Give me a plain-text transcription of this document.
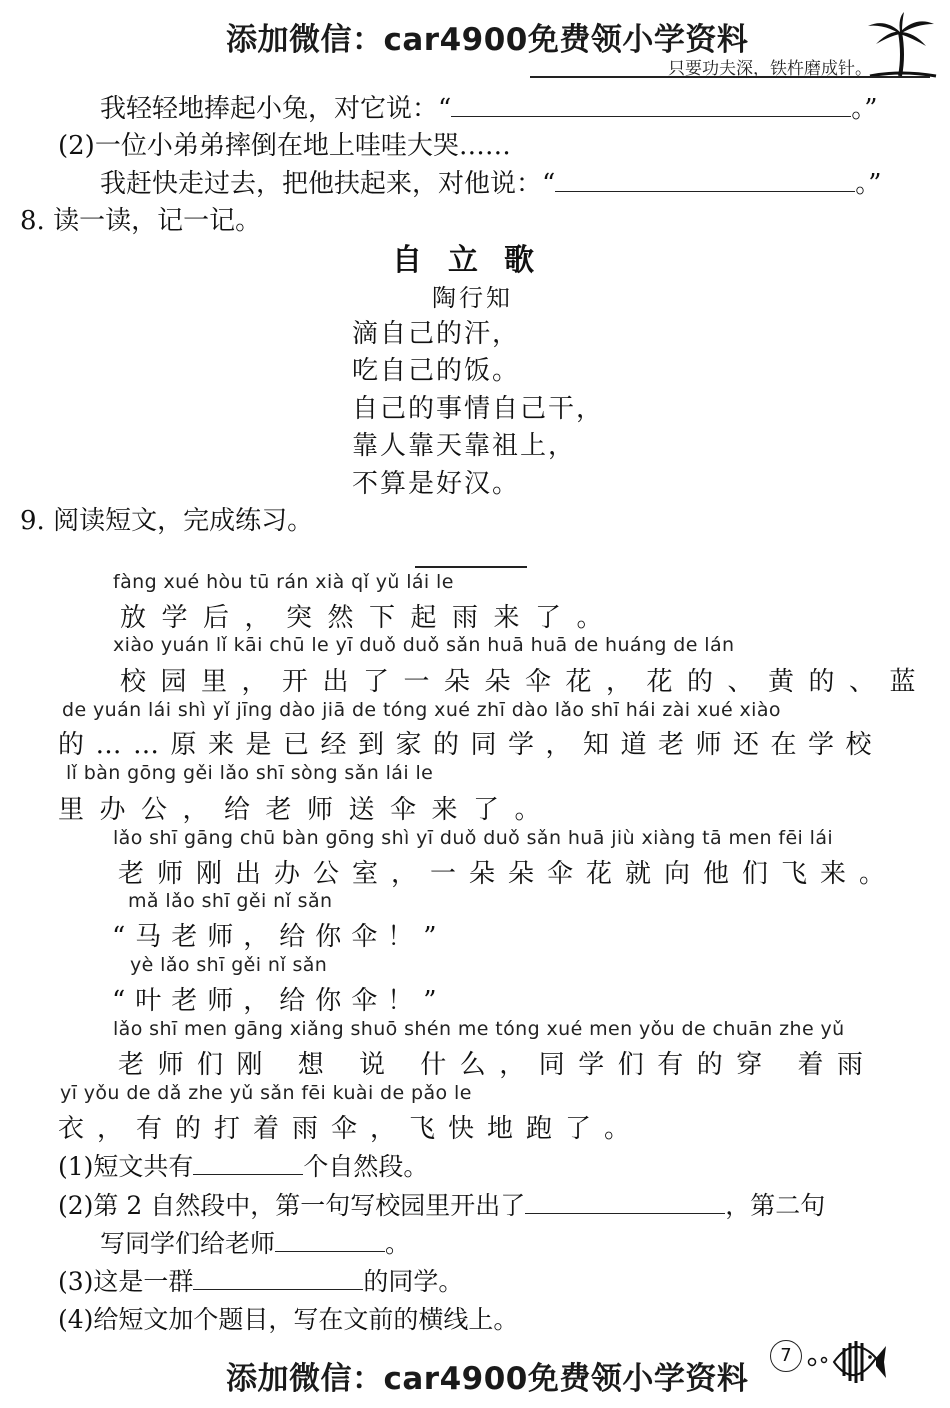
添加微信：car4900免费领小学资料
只要功夫深，铁杵磨成针。
我轻轻地捧起小兔，对它说：“	。”
(2)一位小弟弟摔倒在地上哇哇大哭……
我赶快走过去，把他扶起来，对他说：“	。”
8. 读一读，记一记。
自立歌
陶行知
滴自己的汗，
吃自己的饭。
自己的事情自己干，
靠人靠天靠祖上，
不算是好汉。
9. 阅读短文，完成练习。
fàng xué hòu tū rán xià qǐ yǔ lái le
放学后，突然下起雨来了。
xiào yuán lǐ kāi chū le yī duǒ duǒ sǎn huā huā de huáng de lán
校园里，开出了一朵朵伞花，花的、黄的、蓝
de yuán lái shì yǐ jīng dào jiā de tóng xué zhī dào lǎo shī hái zài xué xiào
的……原来是已经到家的同学，知道老师还在学校
lǐ bàn gōng gěi lǎo shī sòng sǎn lái le
里办公，给老师送伞来了。
lǎo shī gāng chū bàn gōng shì yī duǒ duǒ sǎn huā jiù xiàng tā men fēi lái
老师刚出办公室，一朵朵伞花就向他们飞来。
mǎ lǎo shī gěi nǐ sǎn
“马老师，给你伞！”
yè lǎo shī gěi nǐ sǎn
“叶老师，给你伞！”
lǎo shī men gāng xiǎng shuō shén me tóng xué men yǒu de chuān zhe yǔ
老师们刚 想 说 什么，同学们有的穿 着雨
yī yǒu de dǎ zhe yǔ sǎn fēi kuài de pǎo le
衣，有的打着雨伞，飞快地跑了。
(1)短文共有	个自然段。
(2)第 2 自然段中，第一句写校园里开出了	，第二句
写同学们给老师	。
(3)这是一群	的同学。
(4)给短文加个题目，写在文前的横线上。
7
添加微信：car4900免费领小学资料
